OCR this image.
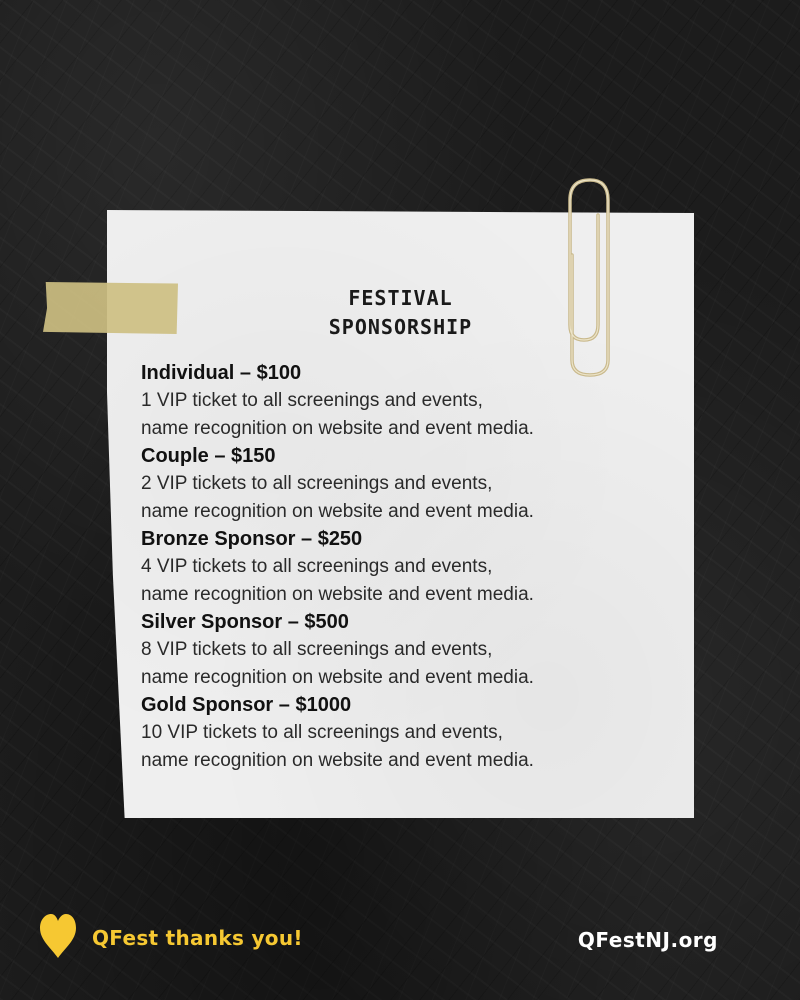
FESTIVAL
SPONSORSHIP

Individual – $100

1 VIP ticket to all screenings and events,

name recognition on website and event media.

Couple – $150

2 VIP tickets to all screenings and events,

name recognition on website and event media.

Bronze Sponsor – $250

4 VIP tickets to all screenings and events,

name recognition on website and event media.

Silver Sponsor – $500

8 VIP tickets to all screenings and events,

name recognition on website and event media.

Gold Sponsor – $1000

10 VIP tickets to all screenings and events,

name recognition on website and event media.

QFest thanks you!	QFestNJ.org
